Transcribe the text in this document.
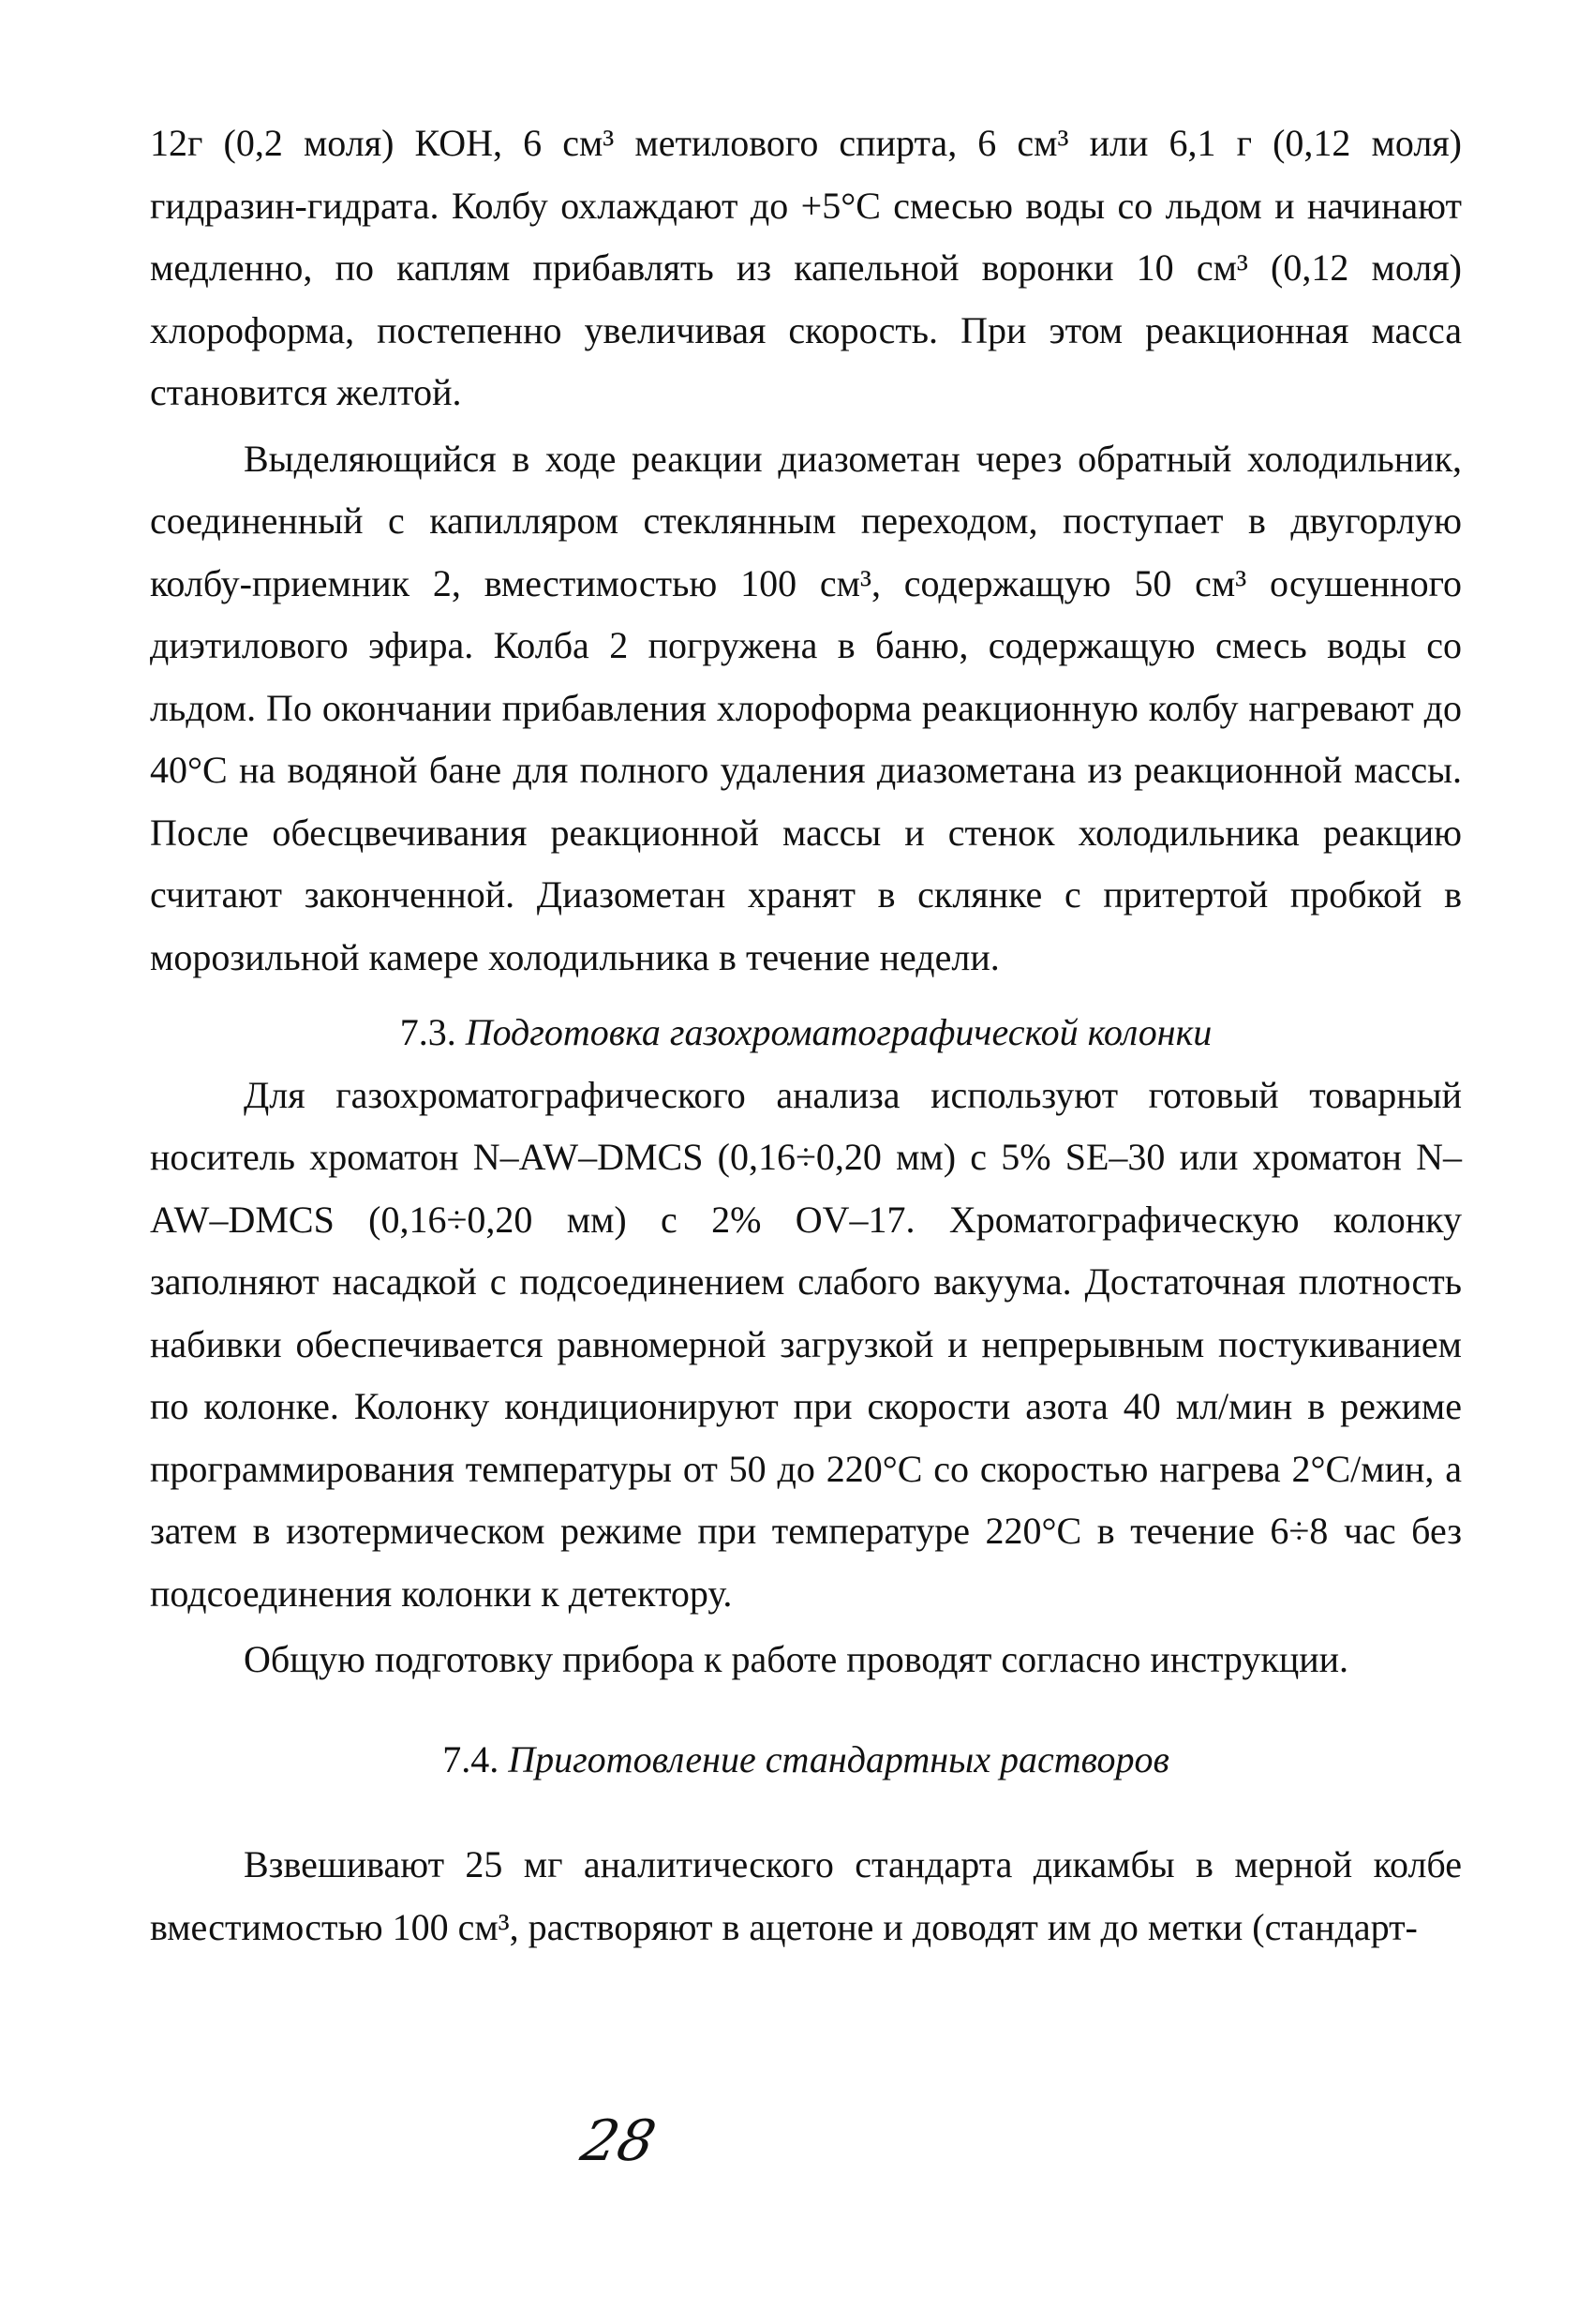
12г (0,2 моля) КОН, 6 см³ метилового спирта, 6 см³ или 6,1 г (0,12 моля) гидразин-гидрата. Колбу охлаждают до +5°С смесью воды со льдом и начинают медленно, по каплям прибавлять из капельной воронки 10 см³ (0,12 моля) хлороформа, постепенно увеличивая скорость. При этом реакционная масса становится желтой.

Выделяющийся в ходе реакции диазометан через обратный холодильник, соединенный с капилляром стеклянным переходом, поступает в двугорлую колбу-приемник 2, вместимостью 100 см³, содержащую 50 см³ осушенного диэтилового эфира. Колба 2 погружена в баню, содержащую смесь воды со льдом. По окончании прибавления хлороформа реакционную колбу нагревают до 40°С на водяной бане для полного удаления диазометана из реакционной массы. После обесцвечивания реакционной массы и стенок холодильника реакцию считают законченной. Диазометан хранят в склянке с притертой пробкой в морозильной камере холодильника в течение недели.

7.3. Подготовка газохроматографической колонки

Для газохроматографического анализа используют готовый товарный носитель хроматон N–AW–DMCS (0,16÷0,20 мм) с 5% SE–30 или хроматон N–AW–DMCS (0,16÷0,20 мм) с 2% OV–17. Хроматографическую колонку заполняют насадкой с подсоединением слабого вакуума. Достаточная плотность набивки обеспечивается равномерной загрузкой и непрерывным постукиванием по колонке. Колонку кондиционируют при скорости азота 40 мл/мин в режиме программирования температуры от 50 до 220°С со скоростью нагрева 2°С/мин, а затем в изотермическом режиме при температуре 220°С в течение 6÷8 час без подсоединения колонки к детектору.

Общую подготовку прибора к работе проводят согласно инструкции.

7.4. Приготовление стандартных растворов

Взвешивают 25 мг аналитического стандарта дикамбы в мерной колбе вместимостью 100 см³, растворяют в ацетоне и доводят им до метки (стандарт-

28
